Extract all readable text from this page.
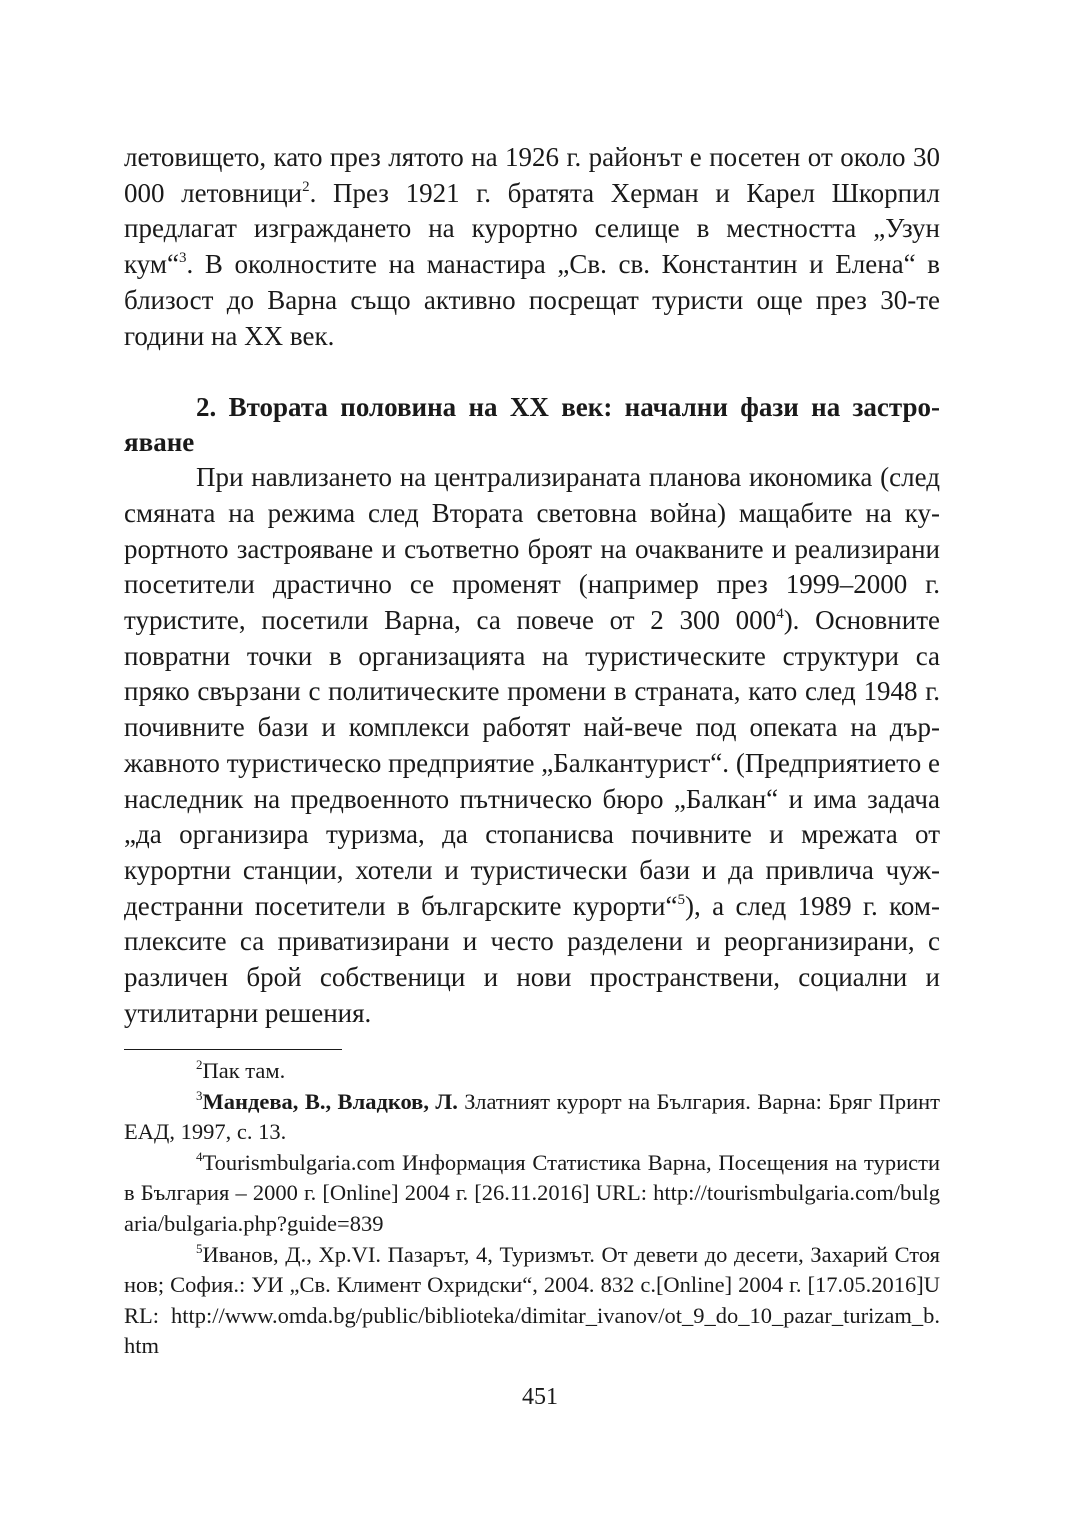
летовището, като през лятото на 1926 г. районът е посетен от около 30 000 летовници$^2$. През 1921 г. братята Херман и Карел Шкорпил предлагат изграждането на курортно селище в местността „Узун кум“$^3$. В околностите на манастира „Св. св. Константин и Елена“ в близост до Варна също активно посрещат туристи още през 30-те години на XX век.

2. Втората половина на XX век: начални фази на застрояване

При навлизането на централизираната планова икономика (след смяната на режима след Втората световна война) мащабите на курортното застрояване и съответно броят на очакваните и реализирани посетители драстично се променят (например през 1999–2000 г. туристите, посетили Варна, са повече от 2 300 $000^4$). Основните повратни точки в организацията на туристическите структури са пряко свързани с политическите промени в страната, като след 1948 г. почивните бази и комплекси работят най-вече под опеката на държавното туристическо предприятие „Балкантурист“. (Предприятието е наследник на предвоенното пътническо бюро „Балкан“ и има задача „да организира туризма, да стопанисва почивните и мрежата от курортни станции, хотели и туристически бази и да привлича чуждестранни посетители в българските курорти“$^5$), а след 1989 г. комплексите са приватизирани и често разделени и реорганизирани, с различен брой собственици и нови пространствени, социални и утилитарни решения.

$^2$Пак там.

$^3$Мандева, В., Владков, Л. Златният курорт на България. Варна: Бряг Принт ЕАД, 1997, с. 13.

$^4$Tourismbulgaria.com Информация Статистика Варна, Посещения на туристи в България – 2000 г. [Online] 2004 г. [26.11.2016] URL: http://tourismbulgaria.com/bulgaria/bulgaria.php?guide=839

$^5$Иванов, Д., Хр.VI. Пазарът, 4, Туризмът. От девети до десети, Захарий Стоянов; София.: УИ „Св. Климент Охридски“, 2004. 832 с.[Online] 2004 г. [17.05.2016]URL: http://www.omda.bg/public/biblioteka/dimitar_ivanov/ot_9_do_10_pazar_turizam_b.htm

451
